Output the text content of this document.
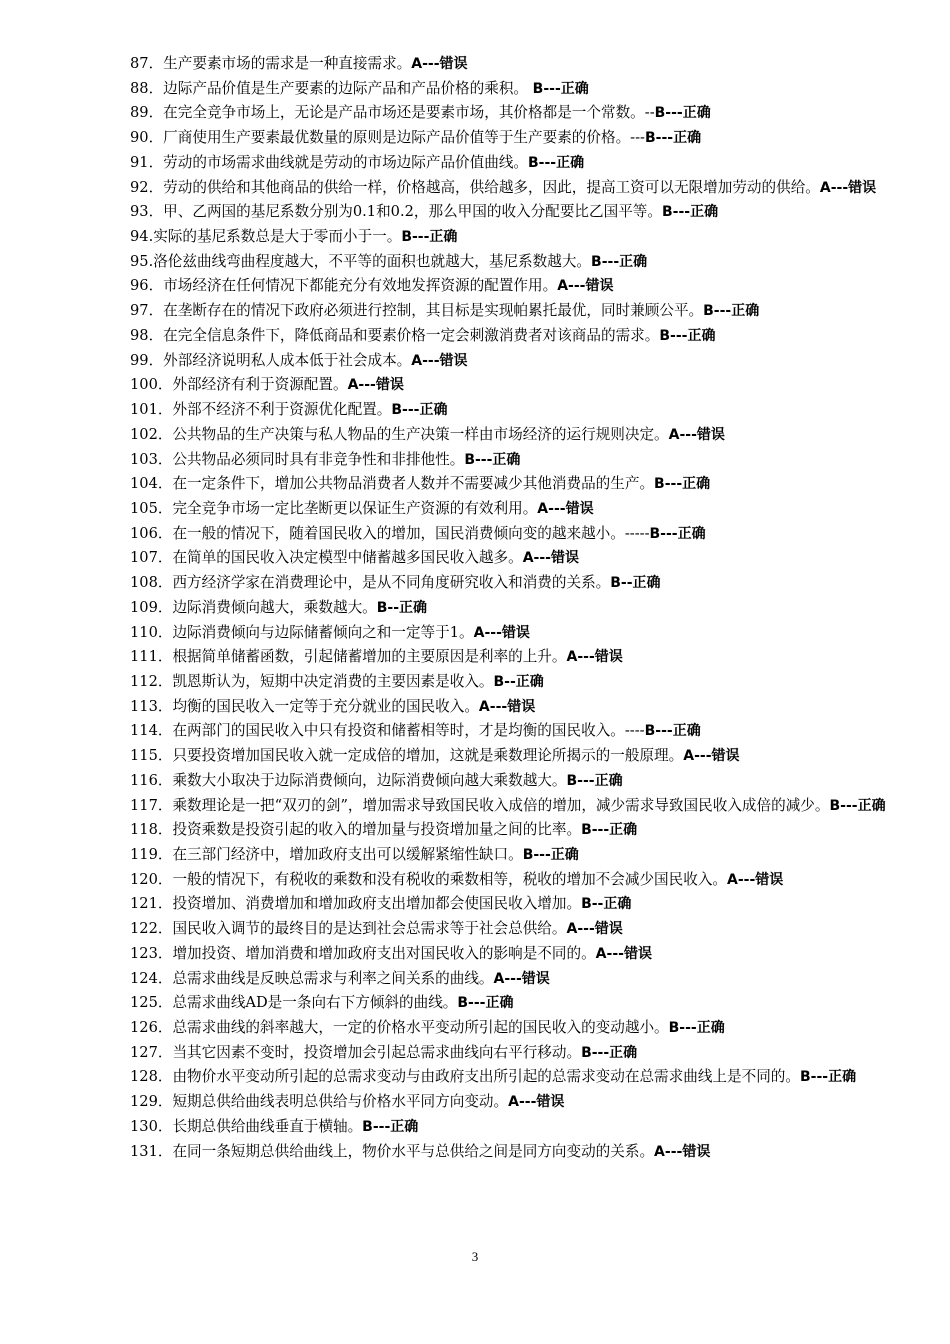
87．生产要素市场的需求是一种直接需求。A---错误

88．边际产品价值是生产要素的边际产品和产品价格的乘积。 B---正确

89．在完全竞争市场上，无论是产品市场还是要素市场，其价格都是一个常数。--B---正确

90．厂商使用生产要素最优数量的原则是边际产品价值等于生产要素的价格。---B---正确

91．劳动的市场需求曲线就是劳动的市场边际产品价值曲线。B---正确

92．劳动的供给和其他商品的供给一样，价格越高，供给越多，因此，提高工资可以无限增加劳动的供给。A---错误

93．甲、乙两国的基尼系数分别为0.1和0.2，那么甲国的收入分配要比乙国平等。B---正确

94.实际的基尼系数总是大于零而小于一。B---正确

95.洛伦兹曲线弯曲程度越大，不平等的面积也就越大，基尼系数越大。B---正确

96．市场经济在任何情况下都能充分有效地发挥资源的配置作用。A---错误

97．在垄断存在的情况下政府必须进行控制，其目标是实现帕累托最优，同时兼顾公平。B---正确

98．在完全信息条件下，降低商品和要素价格一定会刺激消费者对该商品的需求。B---正确

99．外部经济说明私人成本低于社会成本。A---错误

100．外部经济有利于资源配置。A---错误

101．外部不经济不利于资源优化配置。B---正确

102．公共物品的生产决策与私人物品的生产决策一样由市场经济的运行规则决定。A---错误

103．公共物品必须同时具有非竞争性和非排他性。B---正确

104．在一定条件下，增加公共物品消费者人数并不需要减少其他消费品的生产。B---正确

105．完全竞争市场一定比垄断更以保证生产资源的有效利用。A---错误

106．在一般的情况下，随着国民收入的增加，国民消费倾向变的越来越小。-----B---正确

107．在简单的国民收入决定模型中储蓄越多国民收入越多。A---错误

108．西方经济学家在消费理论中，是从不同角度研究收入和消费的关系。B--正确

109．边际消费倾向越大，乘数越大。B--正确

110．边际消费倾向与边际储蓄倾向之和一定等于1。A---错误

111．根据简单储蓄函数，引起储蓄增加的主要原因是利率的上升。A---错误

112．凯恩斯认为，短期中决定消费的主要因素是收入。B--正确

113．均衡的国民收入一定等于充分就业的国民收入。A---错误

114．在两部门的国民收入中只有投资和储蓄相等时，才是均衡的国民收入。----B---正确

115．只要投资增加国民收入就一定成倍的增加，这就是乘数理论所揭示的一般原理。A---错误

116．乘数大小取决于边际消费倾向，边际消费倾向越大乘数越大。B---正确

117．乘数理论是一把“双刃的剑”，增加需求导致国民收入成倍的增加，减少需求导致国民收入成倍的减少。B---正确

118．投资乘数是投资引起的收入的增加量与投资增加量之间的比率。B---正确

119．在三部门经济中，增加政府支出可以缓解紧缩性缺口。B---正确

120．一般的情况下，有税收的乘数和没有税收的乘数相等，税收的增加不会减少国民收入。A---错误

121．投资增加、消费增加和增加政府支出增加都会使国民收入增加。B--正确

122．国民收入调节的最终目的是达到社会总需求等于社会总供给。A---错误

123．增加投资、增加消费和增加政府支出对国民收入的影响是不同的。A---错误

124．总需求曲线是反映总需求与利率之间关系的曲线。A---错误

125．总需求曲线AD是一条向右下方倾斜的曲线。B---正确

126．总需求曲线的斜率越大，一定的价格水平变动所引起的国民收入的变动越小。B---正确

127．当其它因素不变时，投资增加会引起总需求曲线向右平行移动。B---正确

128．由物价水平变动所引起的总需求变动与由政府支出所引起的总需求变动在总需求曲线上是不同的。B---正确

129．短期总供给曲线表明总供给与价格水平同方向变动。A---错误

130．长期总供给曲线垂直于横轴。B---正确

131．在同一条短期总供给曲线上，物价水平与总供给之间是同方向变动的关系。A---错误

3
